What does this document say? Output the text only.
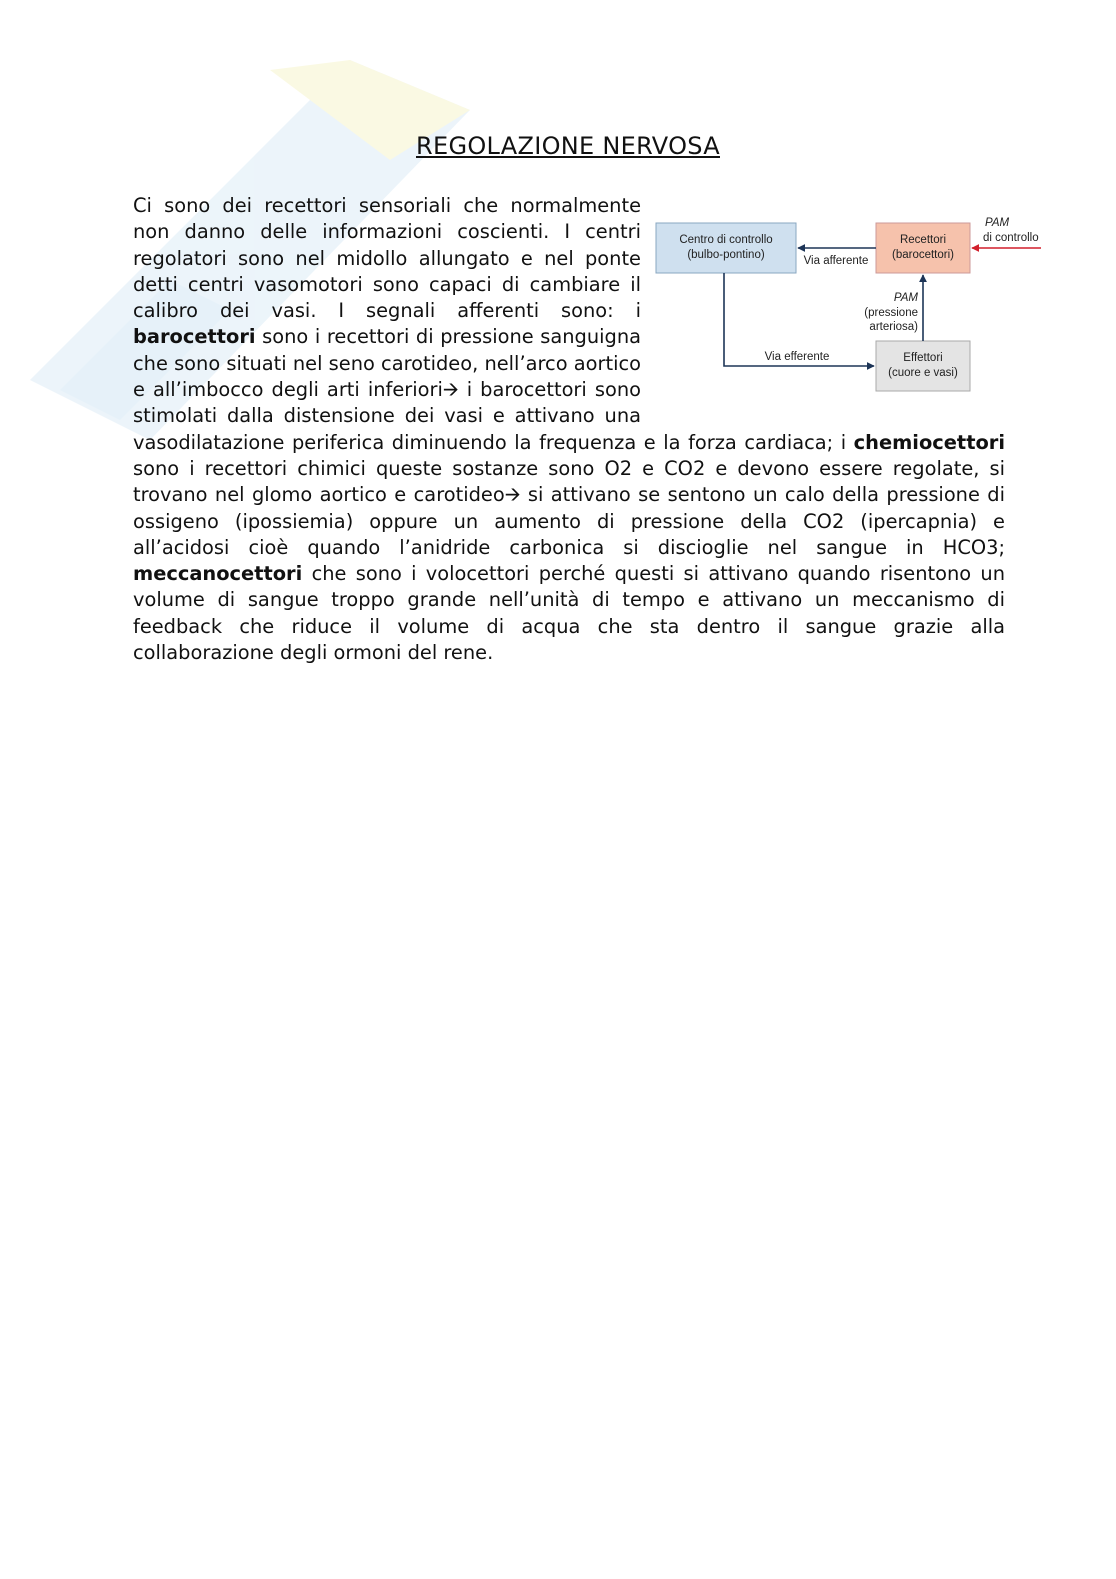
REGOLAZIONE NERVOSA
Centro di controllo
(bulbo-pontino)
Recettori
(barocettori)
Effettori
(cuore e vasi)
Via afferente
Via efferente
PAM
(pressione
arteriosa)
PAM
di controllo
Ci sono dei recettori sensoriali che normalmente non danno delle informazioni coscienti. I centri regolatori sono nel midollo allungato e nel ponte detti centri vasomotori sono capaci di cambiare il calibro dei vasi. I segnali afferenti sono: i barocettori sono i recettori di pressione sanguigna che sono situati nel seno carotideo, nell’arco aortico e all’imbocco degli arti inferiori🡪 i barocettori sono stimolati dalla distensione dei vasi e attivano una vasodilatazione periferica diminuendo la frequenza e la forza cardiaca; i chemiocettori sono i recettori chimici queste sostanze sono O2 e CO2 e devono essere regolate, si trovano nel glomo aortico e carotideo🡪 si attivano se sentono un calo della pressione di ossigeno (ipossiemia) oppure un aumento di pressione della CO2 (ipercapnia) e all’acidosi cioè quando l’anidride carbonica si discioglie nel sangue in HCO3; meccanocettori che sono i volocettori perché questi si attivano quando risentono un volume di sangue troppo grande nell’unità di tempo e attivano un meccanismo di feedback che riduce il volume di acqua che sta dentro il sangue grazie alla collaborazione degli ormoni del rene.
